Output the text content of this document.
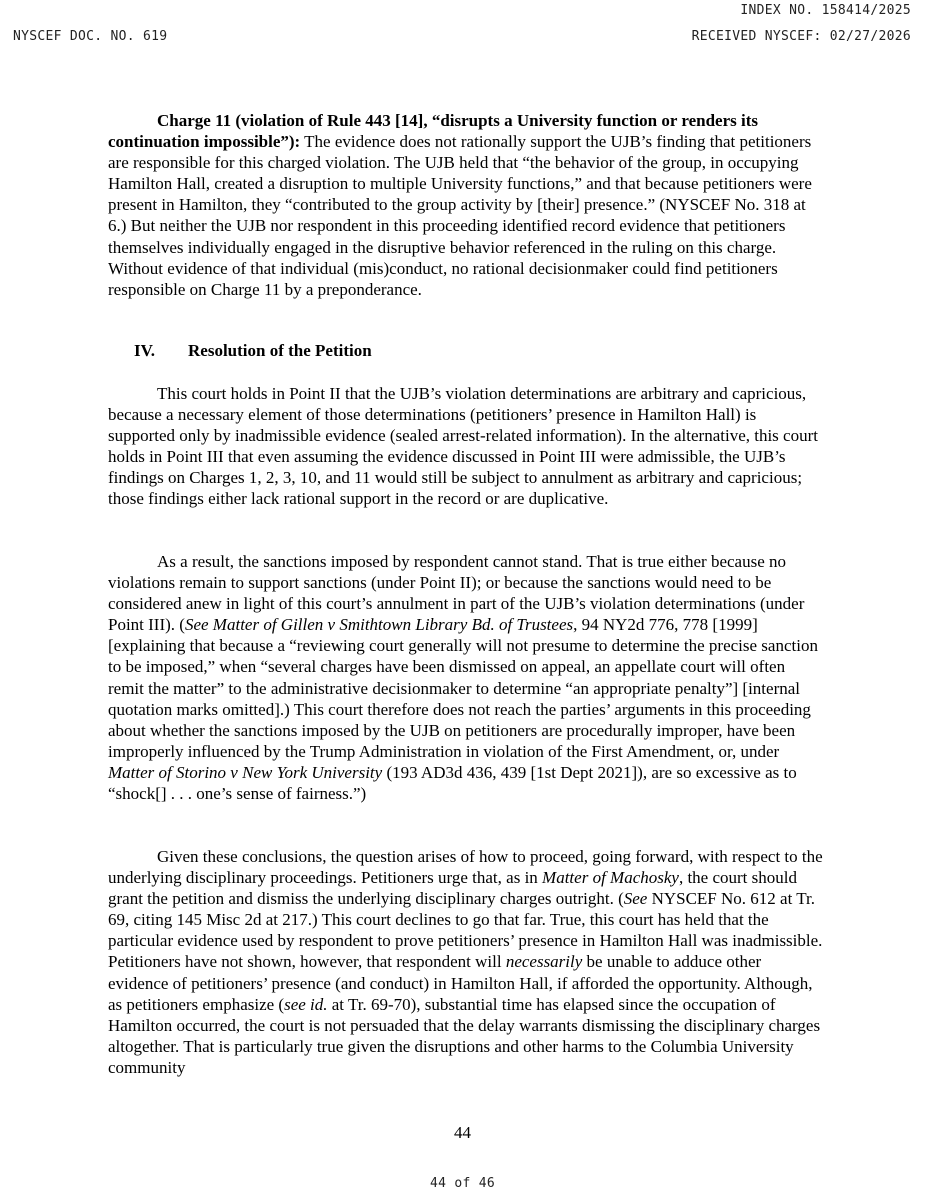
INDEX NO. 158414/2025
NYSCEF DOC. NO. 619	RECEIVED NYSCEF: 02/27/2026

Charge 11 (violation of Rule 443 [14], “disrupts a University function or renders its continuation impossible”): The evidence does not rationally support the UJB’s finding that petitioners are responsible for this charged violation. The UJB held that “the behavior of the group, in occupying Hamilton Hall, created a disruption to multiple University functions,” and that because petitioners were present in Hamilton, they “contributed to the group activity by [their] presence.” (NYSCEF No. 318 at 6.) But neither the UJB nor respondent in this proceeding identified record evidence that petitioners themselves individually engaged in the disruptive behavior referenced in the ruling on this charge. Without evidence of that individual (mis)conduct, no rational decisionmaker could find petitioners responsible on Charge 11 by a preponderance.

IV. Resolution of the Petition

This court holds in Point II that the UJB’s violation determinations are arbitrary and capricious, because a necessary element of those determinations (petitioners’ presence in Hamilton Hall) is supported only by inadmissible evidence (sealed arrest-related information). In the alternative, this court holds in Point III that even assuming the evidence discussed in Point III were admissible, the UJB’s findings on Charges 1, 2, 3, 10, and 11 would still be subject to annulment as arbitrary and capricious; those findings either lack rational support in the record or are duplicative.

As a result, the sanctions imposed by respondent cannot stand. That is true either because no violations remain to support sanctions (under Point II); or because the sanctions would need to be considered anew in light of this court’s annulment in part of the UJB’s violation determinations (under Point III). (See Matter of Gillen v Smithtown Library Bd. of Trustees, 94 NY2d 776, 778 [1999] [explaining that because a “reviewing court generally will not presume to determine the precise sanction to be imposed,” when “several charges have been dismissed on appeal, an appellate court will often remit the matter” to the administrative decisionmaker to determine “an appropriate penalty”] [internal quotation marks omitted].) This court therefore does not reach the parties’ arguments in this proceeding about whether the sanctions imposed by the UJB on petitioners are procedurally improper, have been improperly influenced by the Trump Administration in violation of the First Amendment, or, under Matter of Storino v New York University (193 AD3d 436, 439 [1st Dept 2021]), are so excessive as to “shock[] . . . one’s sense of fairness.”)

Given these conclusions, the question arises of how to proceed, going forward, with respect to the underlying disciplinary proceedings. Petitioners urge that, as in Matter of Machosky, the court should grant the petition and dismiss the underlying disciplinary charges outright. (See NYSCEF No. 612 at Tr. 69, citing 145 Misc 2d at 217.) This court declines to go that far. True, this court has held that the particular evidence used by respondent to prove petitioners’ presence in Hamilton Hall was inadmissible. Petitioners have not shown, however, that respondent will necessarily be unable to adduce other evidence of petitioners’ presence (and conduct) in Hamilton Hall, if afforded the opportunity. Although, as petitioners emphasize (see id. at Tr. 69-70), substantial time has elapsed since the occupation of Hamilton occurred, the court is not persuaded that the delay warrants dismissing the disciplinary charges altogether. That is particularly true given the disruptions and other harms to the Columbia University community

44
44 of 46
